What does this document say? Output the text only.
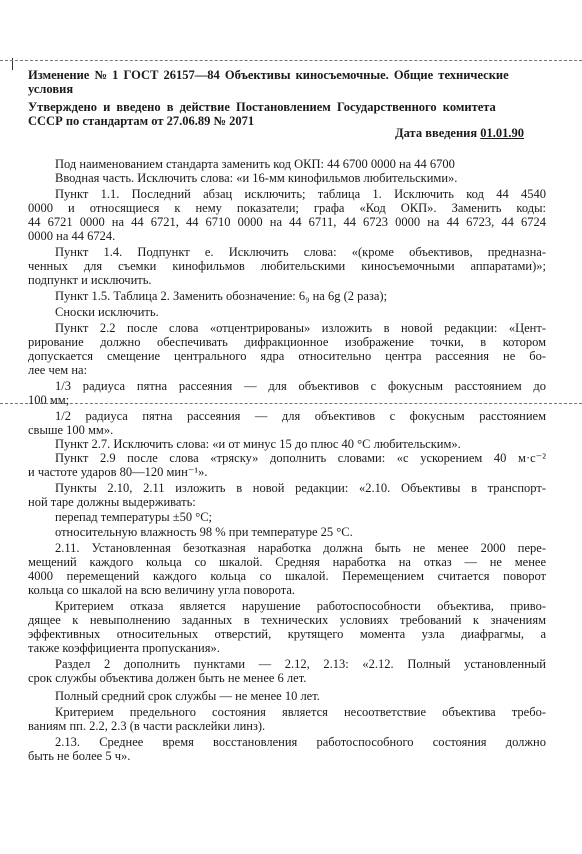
Изменение № 1 ГОСТ 26157—84 Объективы киносъемочные. Общие технические
условия
Утверждено и введено в действие Постановлением Государственного комитета
СССР по стандартам от 27.06.89 № 2071
Дата введения 01.01.90
Под наименованием стандарта заменить код ОКП: 44 6700 0000 на 44 6700
Вводная часть. Исключить слова: «и 16-мм кинофильмов любительскими».
Пункт 1.1. Последний абзац исключить; таблица 1. Исключить код 44 4540
0000 и относящиеся к нему показатели; графа «Код ОКП». Заменить коды:
44 6721 0000 на 44 6721, 44 6710 0000 на 44 6711, 44 6723 0000 на 44 6723, 44 6724
0000 на 44 6724.
Пункт 1.4. Подпункт е. Исключить слова: «(кроме объективов, предназна-
ченных для съемки кинофильмов любительскими киносъемочными аппаратами)»;
подпункт и исключить.
Пункт 1.5. Таблица 2. Заменить обозначение: 6₉ на 6g (2 раза);
Сноски исключить.
Пункт 2.2 после слова «отцентрированы» изложить в новой редакции: «Цент-
рирование должно обеспечивать дифракционное изображение точки, в котором
допускается смещение центрального ядра относительно центра рассеяния не бо-
лее чем на:
1/3 радиуса пятна рассеяния — для объективов с фокусным расстоянием до
100 мм;
1/2 радиуса пятна рассеяния — для объективов с фокусным расстоянием
свыше 100 мм».
Пункт 2.7. Исключить слова: «и от минус 15 до плюс 40 °С любительским».
Пункт 2.9 после слова «тряску» дополнить словами: «с ускорением 40 м·с⁻²
и частоте ударов 80—120 мин⁻¹».
Пункты 2.10, 2.11 изложить в новой редакции: «2.10. Объективы в транспорт-
ной таре должны выдерживать:
перепад температуры ±50 °С;
относительную влажность 98 % при температуре 25 °С.
2.11. Установленная безотказная наработка должна быть не менее 2000 пере-
мещений каждого кольца со шкалой. Средняя наработка на отказ — не менее
4000 перемещений каждого кольца со шкалой. Перемещением считается поворот
кольца со шкалой на всю величину угла поворота.
Критерием отказа является нарушение работоспособности объектива, приво-
дящее к невыполнению заданных в технических условиях требований к значениям
эффективных относительных отверстий, крутящего момента узла диафрагмы, а
также коэффициента пропускания».
Раздел 2 дополнить пунктами — 2.12, 2.13: «2.12. Полный установленный
срок службы объектива должен быть не менее 6 лет.
Полный средний срок службы — не менее 10 лет.
Критерием предельного состояния является несоответствие объектива требо-
ваниям пп. 2.2, 2.3 (в части расклейки линз).
2.13. Среднее время восстановления работоспособного состояния должно
быть не более 5 ч».
